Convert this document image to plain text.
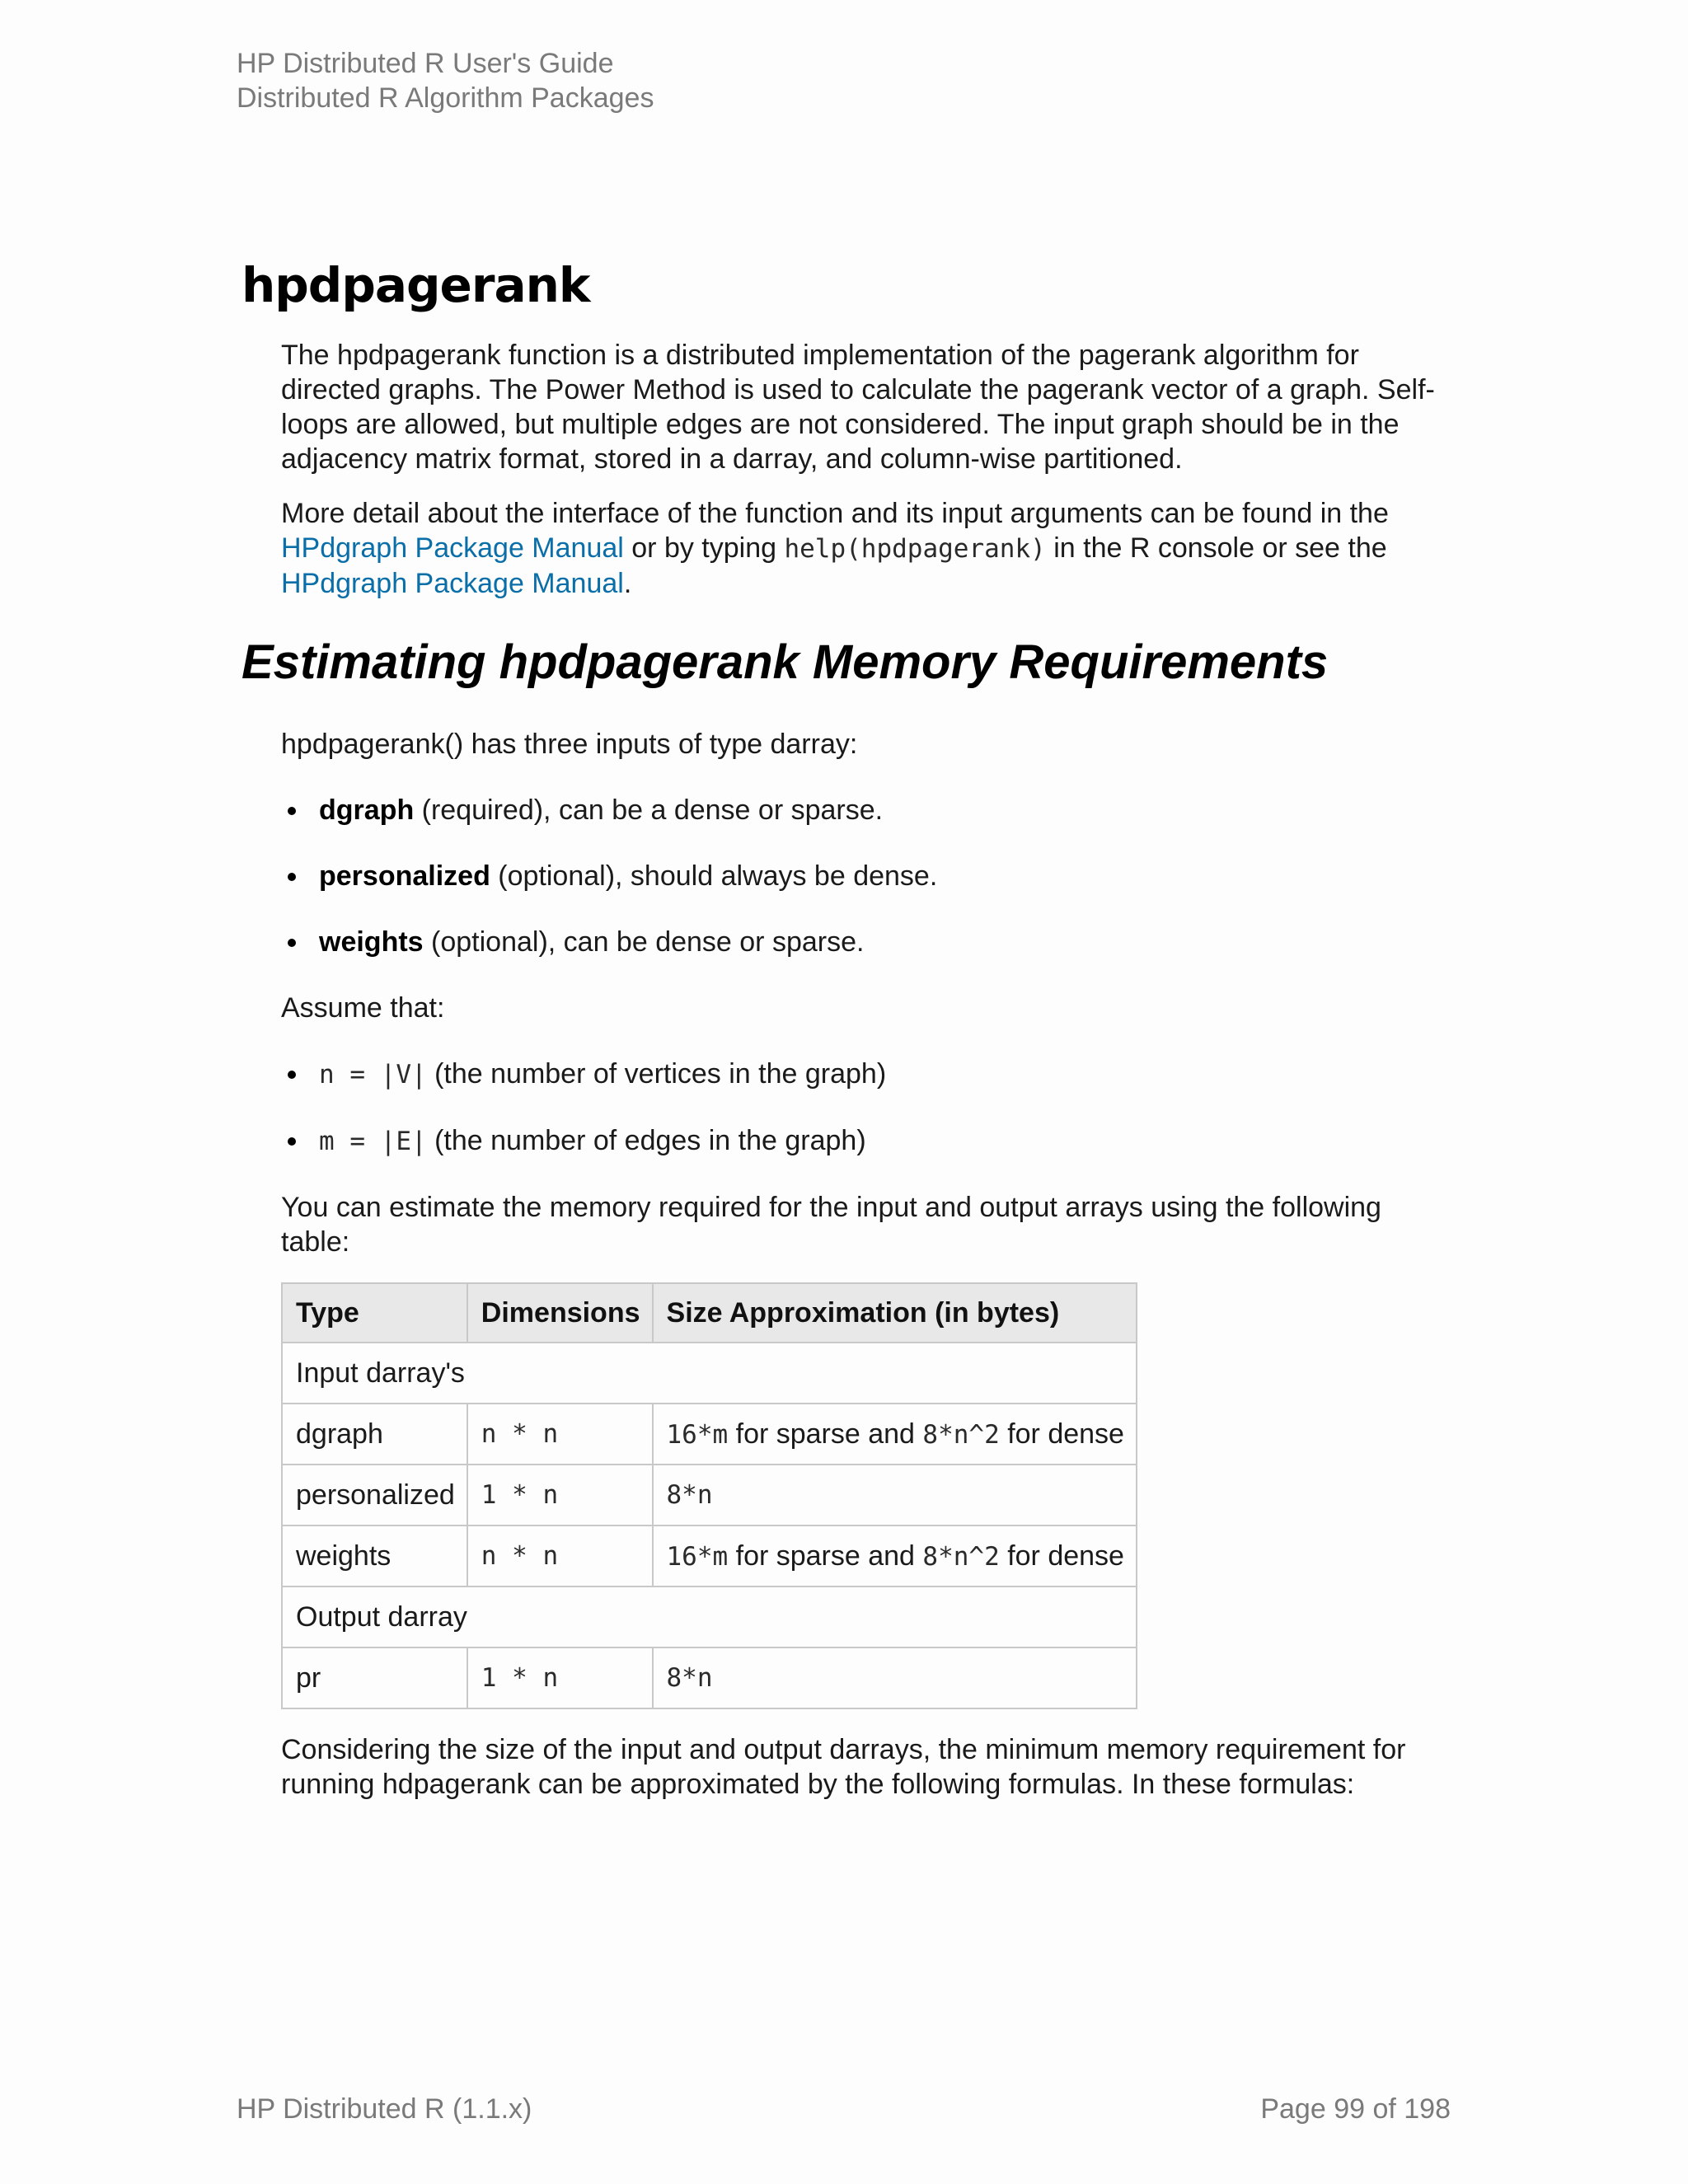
HP Distributed R User's Guide
Distributed R Algorithm Packages
hpdpagerank

The hpdpagerank function is a distributed implementation of the pagerank algorithm for directed graphs. The Power Method is used to calculate the pagerank vector of a graph. Self-loops are allowed, but multiple edges are not considered. The input graph should be in the adjacency matrix format, stored in a darray, and column-wise partitioned.

More detail about the interface of the function and its input arguments can be found in the HPdgraph Package Manual or by typing help(hpdpagerank) in the R console or see the HPdgraph Package Manual.

Estimating hpdpagerank Memory Requirements

hpdpagerank() has three inputs of type darray:

dgraph (required), can be a dense or sparse.
personalized (optional), should always be dense.
weights (optional), can be dense or sparse.

Assume that:

n = |V| (the number of vertices in the graph)
m = |E| (the number of edges in the graph)

You can estimate the memory required for the input and output arrays using the following table:

Type	Dimensions	Size Approximation (in bytes)
Input darray's		
dgraph	n * n	16*m for sparse and 8*n^2 for dense
personalized	1 * n	8*n
weights	n * n	16*m for sparse and 8*n^2 for dense
Output darray		
pr	1 * n	8*n

Considering the size of the input and output darrays, the minimum memory requirement for running hdpagerank can be approximated by the following formulas. In these formulas:

HP Distributed R (1.1.x)	Page 99 of 198
